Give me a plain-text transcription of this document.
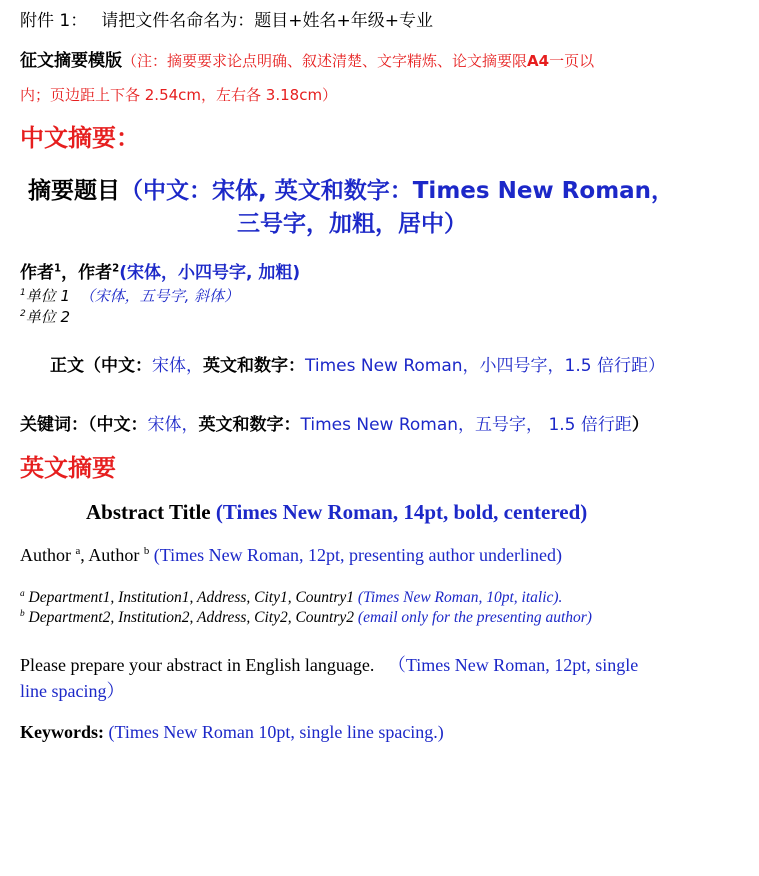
附件 1： 请把文件名命名为：题目+姓名+年级+专业
征文摘要模版（注：摘要要求论点明确、叙述清楚、文字精炼、论文摘要限A4一页以
内；页边距上下各 2.54cm，左右各 3.18cm）
中文摘要：
摘要题目（中文：宋体, 英文和数字：Times New Roman，
三号字，加粗，居中）
作者$^1$，作者$^2$(宋体，小四号字, 加粗)
$^1$单位 1 （宋体，五号字, 斜体）
$^2$单位 2
正文（中文：宋体，英文和数字：Times New Roman，小四号字，1.5 倍行距）
关键词：（中文：宋体，英文和数字：Times New Roman，五号字， 1.5 倍行距）
英文摘要
Abstract Title (Times New Roman, 14pt, bold, centered)
Author $^a$, Author $^b$ (Times New Roman, 12pt, presenting author underlined)
$^a$ Department1, Institution1, Address, City1, Country1 (Times New Roman, 10pt, italic).
$^b$ Department2, Institution2, Address, City2, Country2 (email only for the presenting author)
Please prepare your abstract in English language. （Times New Roman, 12pt, single
line spacing）
Keywords: (Times New Roman 10pt, single line spacing.)
